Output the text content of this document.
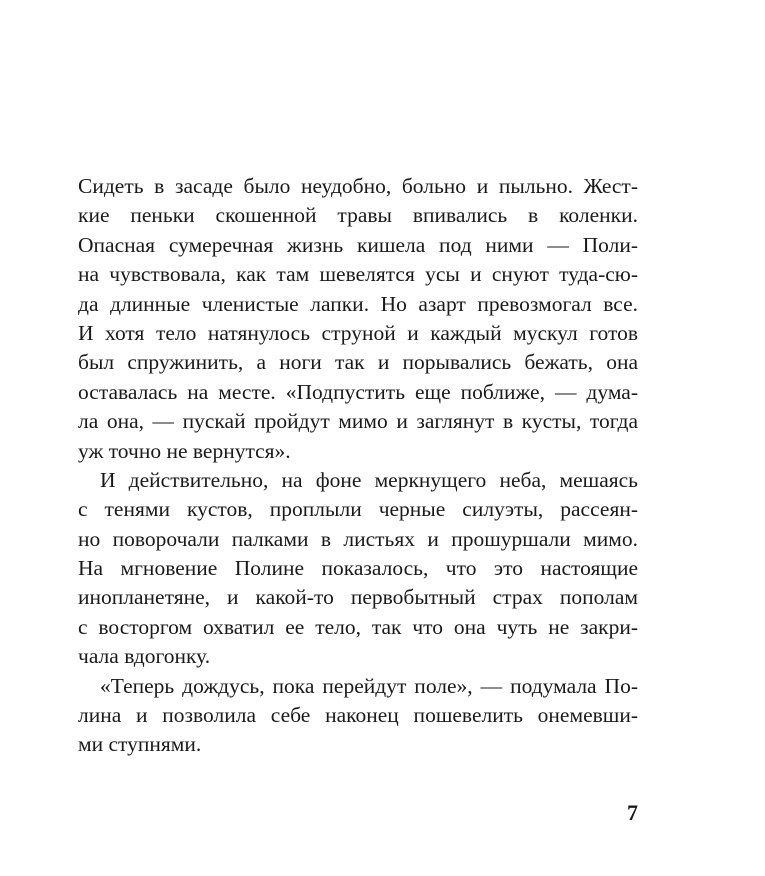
Сидеть в засаде было неудобно, больно и пыльно. Жест-
кие пеньки скошенной травы впивались в коленки.
Опасная сумеречная жизнь кишела под ними — Поли-
на чувствовала, как там шевелятся усы и снуют туда-сю-
да длинные членистые лапки. Но азарт превозмогал все.
И хотя тело натянулось струной и каждый мускул готов
был спружинить, а ноги так и порывались бежать, она
оставалась на месте. «Подпустить еще поближе, — дума-
ла она, — пускай пройдут мимо и заглянут в кусты, тогда
уж точно не вернутся».
И действительно, на фоне меркнущего неба, мешаясь
с тенями кустов, проплыли черные силуэты, рассеян-
но поворочали палками в листьях и прошуршали мимо.
На мгновение Полине показалось, что это настоящие
инопланетяне, и какой-то первобытный страх пополам
с восторгом охватил ее тело, так что она чуть не закри-
чала вдогонку.
«Теперь дождусь, пока перейдут поле», — подумала По-
лина и позволила себе наконец пошевелить онемевши-
ми ступнями.
7
